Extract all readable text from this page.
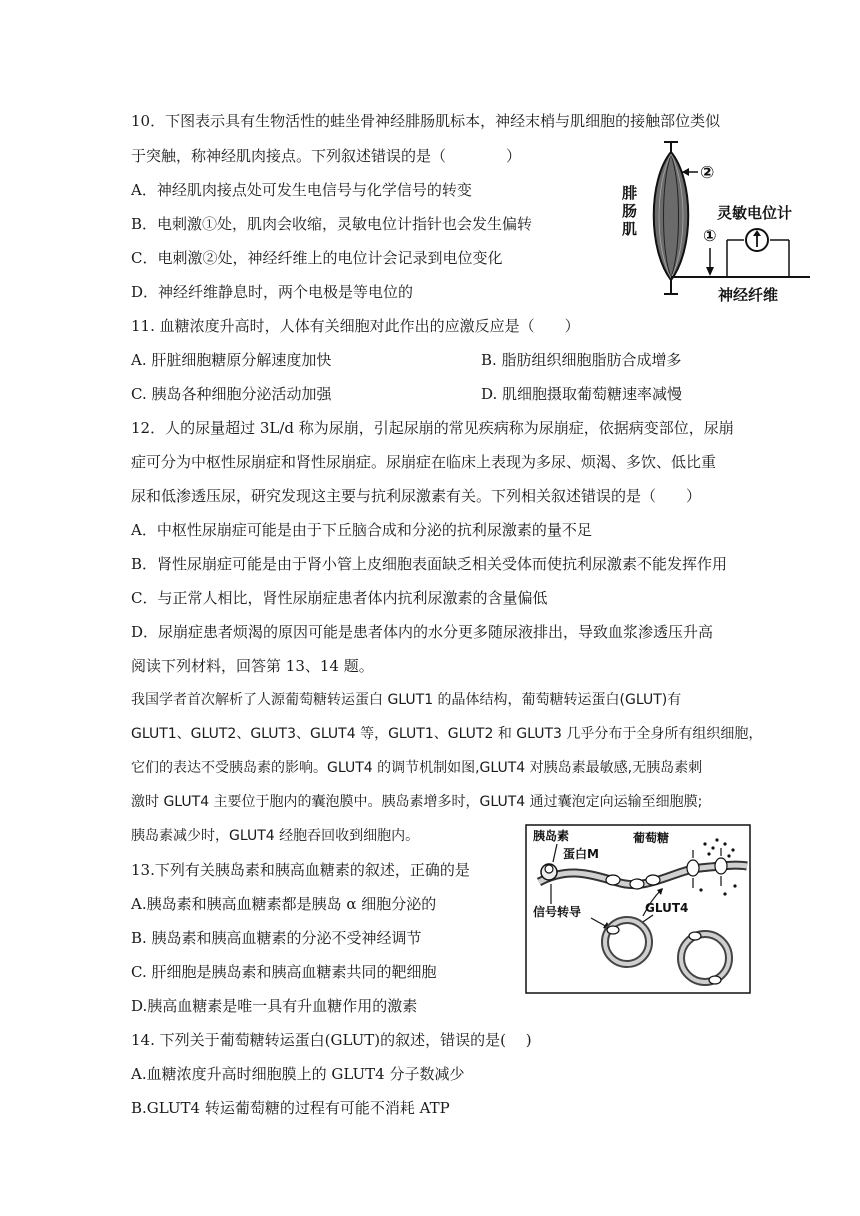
10．下图表示具有生物活性的蛙坐骨神经腓肠肌标本，神经末梢与肌细胞的接触部位类似
于突触，称神经肌肉接点。下列叙述错误的是（　　　　）
A．神经肌肉接点处可发生电信号与化学信号的转变
B．电刺激①处，肌肉会收缩，灵敏电位计指针也会发生偏转
C．电刺激②处，神经纤维上的电位计会记录到电位变化
D．神经纤维静息时，两个电极是等电位的
②
腓
肠
肌
灵敏电位计
①
神经纤维
11. 血糖浓度升高时，人体有关细胞对此作出的应激反应是（　　）
A. 肝脏细胞糖原分解速度加快	B. 脂肪组织细胞脂肪合成增多
C. 胰岛各种细胞分泌活动加强	D. 肌细胞摄取葡萄糖速率减慢
12．人的尿量超过 3L/d 称为尿崩，引起尿崩的常见疾病称为尿崩症，依据病变部位，尿崩
症可分为中枢性尿崩症和肾性尿崩症。尿崩症在临床上表现为多尿、烦渴、多饮、低比重
尿和低渗透压尿，研究发现这主要与抗利尿激素有关。下列相关叙述错误的是（　　）
A．中枢性尿崩症可能是由于下丘脑合成和分泌的抗利尿激素的量不足
B．肾性尿崩症可能是由于肾小管上皮细胞表面缺乏相关受体而使抗利尿激素不能发挥作用
C．与正常人相比，肾性尿崩症患者体内抗利尿激素的含量偏低
D．尿崩症患者烦渴的原因可能是患者体内的水分更多随尿液排出，导致血浆渗透压升高
阅读下列材料，回答第 13、14 题。
我国学者首次解析了人源葡萄糖转运蛋白 GLUT1 的晶体结构，葡萄糖转运蛋白(GLUT)有
GLUT1、GLUT2、GLUT3、GLUT4 等，GLUT1、GLUT2 和 GLUT3 几乎分布于全身所有组织细胞，
它们的表达不受胰岛素的影响。GLUT4 的调节机制如图,GLUT4 对胰岛素最敏感,无胰岛素刺
激时 GLUT4 主要位于胞内的囊泡膜中。胰岛素增多时，GLUT4 通过囊泡定向运输至细胞膜;
胰岛素减少时，GLUT4 经胞吞回收到细胞内。	胰岛素
蛋白M
葡萄糖
信号转导	GLUT4
13.下列有关胰岛素和胰高血糖素的叙述，正确的是
A.胰岛素和胰高血糖素都是胰岛 α 细胞分泌的
B. 胰岛素和胰高血糖素的分泌不受神经调节
C. 肝细胞是胰岛素和胰高血糖素共同的靶细胞
D.胰高血糖素是唯一具有升血糖作用的激素
14. 下列关于葡萄糖转运蛋白(GLUT)的叙述，错误的是(　 )
A.血糖浓度升高时细胞膜上的 GLUT4 分子数减少
B.GLUT4 转运葡萄糖的过程有可能不消耗 ATP
